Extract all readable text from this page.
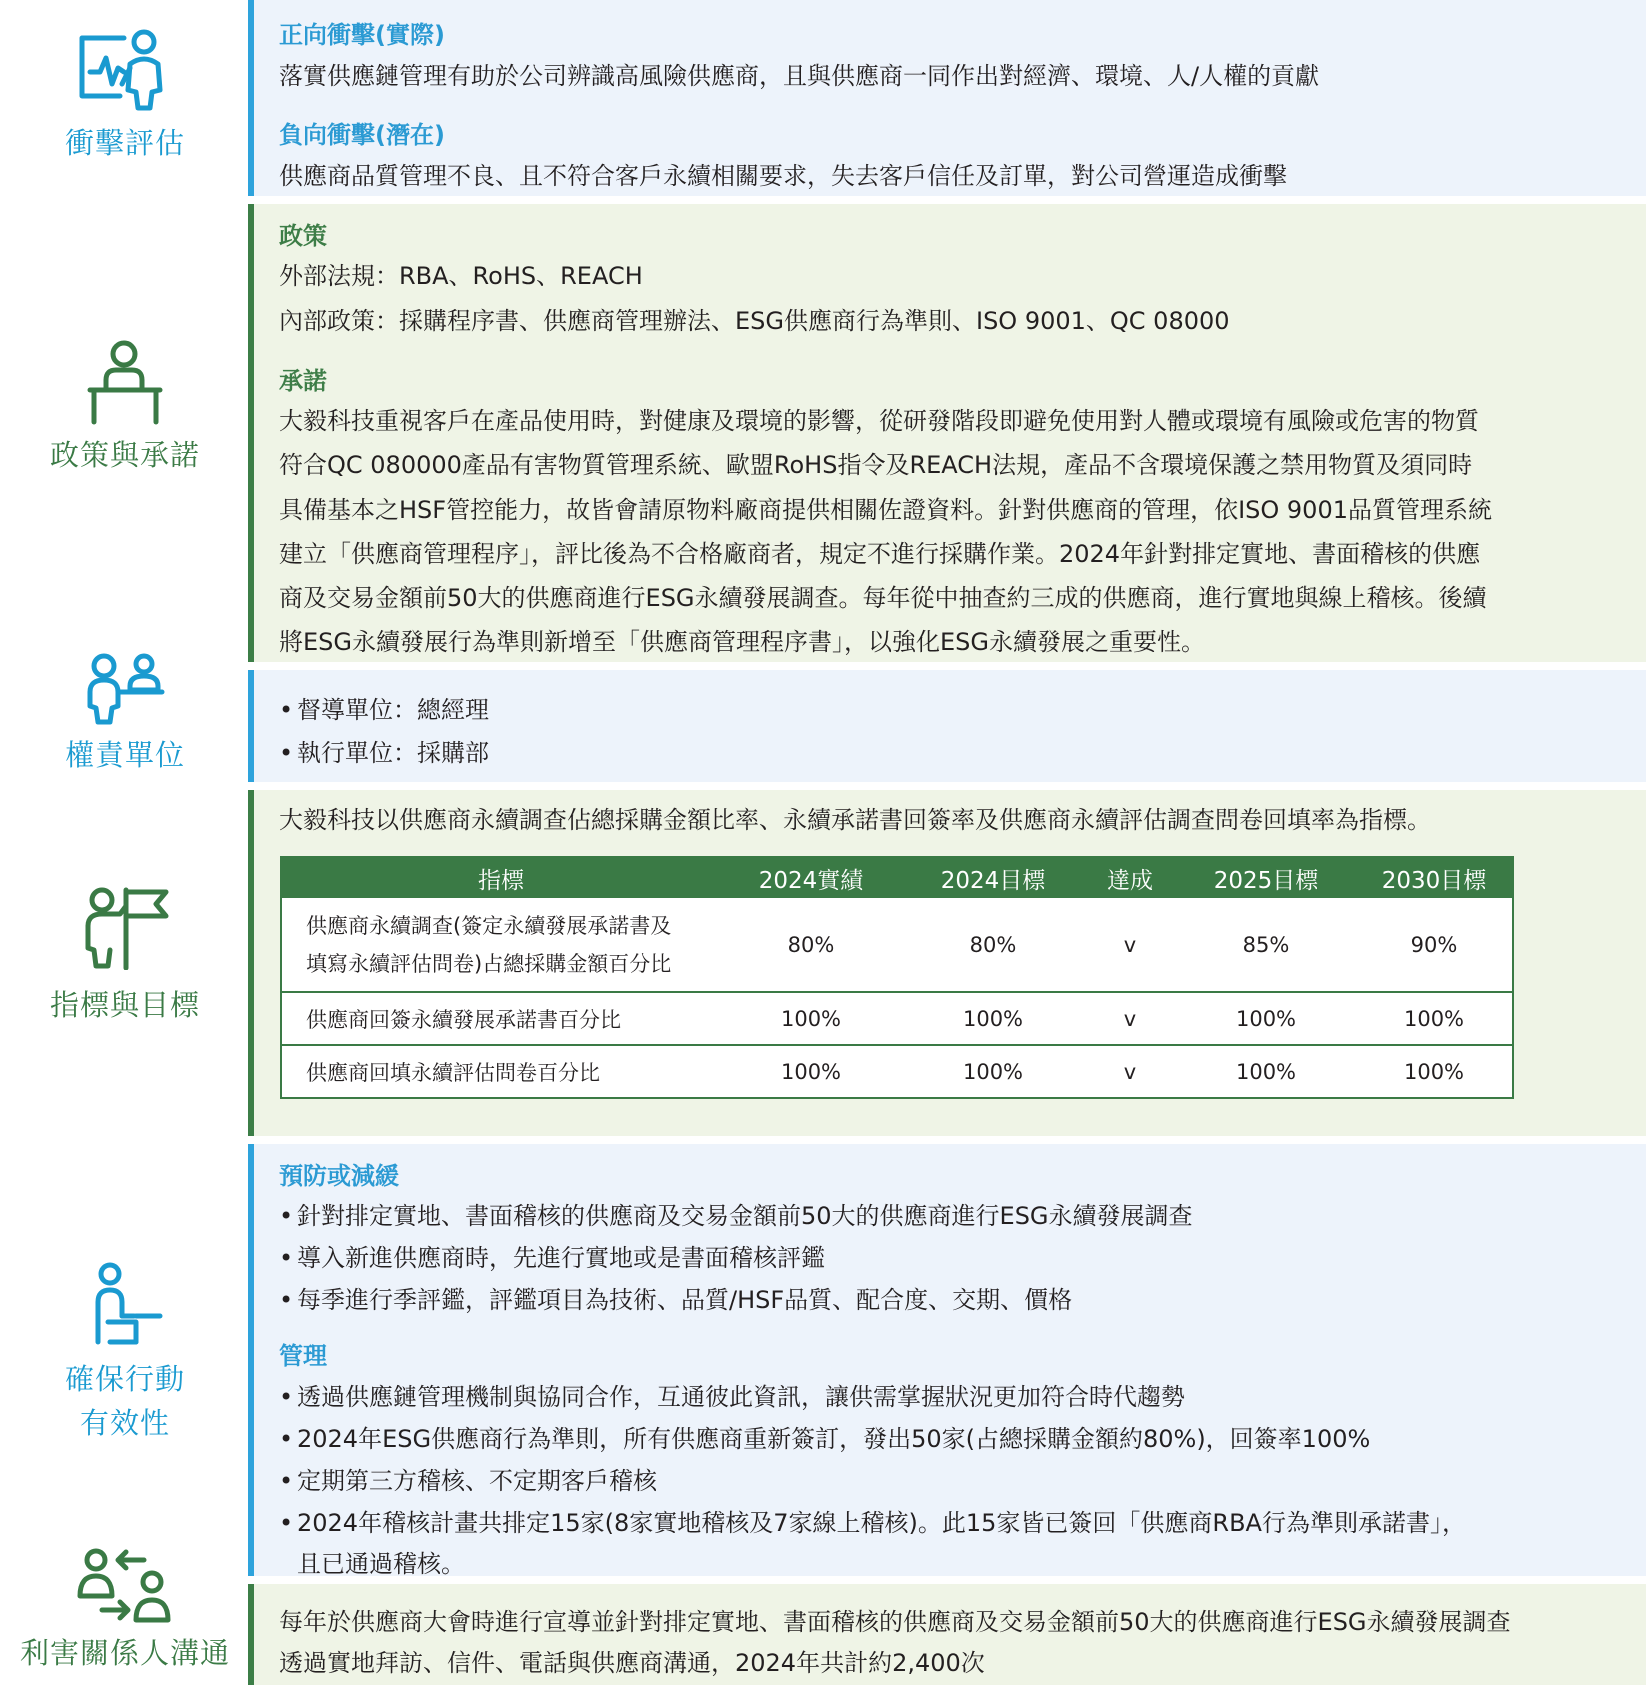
衝擊評估
正向衝擊(實際)
落實供應鏈管理有助於公司辨識高風險供應商，且與供應商一同作出對經濟、環境、人/人權的貢獻
負向衝擊(潛在)
供應商品質管理不良、且不符合客戶永續相關要求，失去客戶信任及訂單，對公司營運造成衝擊
政策與承諾
政策
外部法規：RBA、RoHS、REACH
內部政策：採購程序書、供應商管理辦法、ESG供應商行為準則、ISO 9001、QC 08000
承諾
大毅科技重視客戶在產品使用時，對健康及環境的影響，從研發階段即避免使用對人體或環境有風險或危害的物質
符合QC 080000產品有害物質管理系統、歐盟RoHS指令及REACH法規，產品不含環境保護之禁用物質及須同時
具備基本之HSF管控能力，故皆會請原物料廠商提供相關佐證資料。針對供應商的管理，依ISO 9001品質管理系統
建立「供應商管理程序」，評比後為不合格廠商者，規定不進行採購作業。2024年針對排定實地、書面稽核的供應
商及交易金額前50大的供應商進行ESG永續發展調查。每年從中抽查約三成的供應商，進行實地與線上稽核。後續
將ESG永續發展行為準則新增至「供應商管理程序書」，以強化ESG永續發展之重要性。
權責單位
• 督導單位：總經理
• 執行單位：採購部
指標與目標
大毅科技以供應商永續調查佔總採購金額比率、永續承諾書回簽率及供應商永續評估調查問卷回填率為指標。
指標	2024實績	2024目標	達成	2025目標	2030目標
供應商永續調查(簽定永續發展承諾書及
填寫永續評估問卷)占總採購金額百分比	80%	80%	v	85%	90%
供應商回簽永續發展承諾書百分比	100%	100%	v	100%	100%
供應商回填永續評估問卷百分比	100%	100%	v	100%	100%
確保行動
有效性
預防或減緩
• 針對排定實地、書面稽核的供應商及交易金額前50大的供應商進行ESG永續發展調查
• 導入新進供應商時，先進行實地或是書面稽核評鑑
• 每季進行季評鑑，評鑑項目為技術、品質/HSF品質、配合度、交期、價格
管理
• 透過供應鏈管理機制與協同合作，互通彼此資訊，讓供需掌握狀況更加符合時代趨勢
• 2024年ESG供應商行為準則，所有供應商重新簽訂，發出50家(占總採購金額約80%)，回簽率100%
• 定期第三方稽核、不定期客戶稽核
• 2024年稽核計畫共排定15家(8家實地稽核及7家線上稽核)。此15家皆已簽回「供應商RBA行為準則承諾書」，
且已通過稽核。
利害關係人溝通
每年於供應商大會時進行宣導並針對排定實地、書面稽核的供應商及交易金額前50大的供應商進行ESG永續發展調查
透過實地拜訪、信件、電話與供應商溝通，2024年共計約2,400次
